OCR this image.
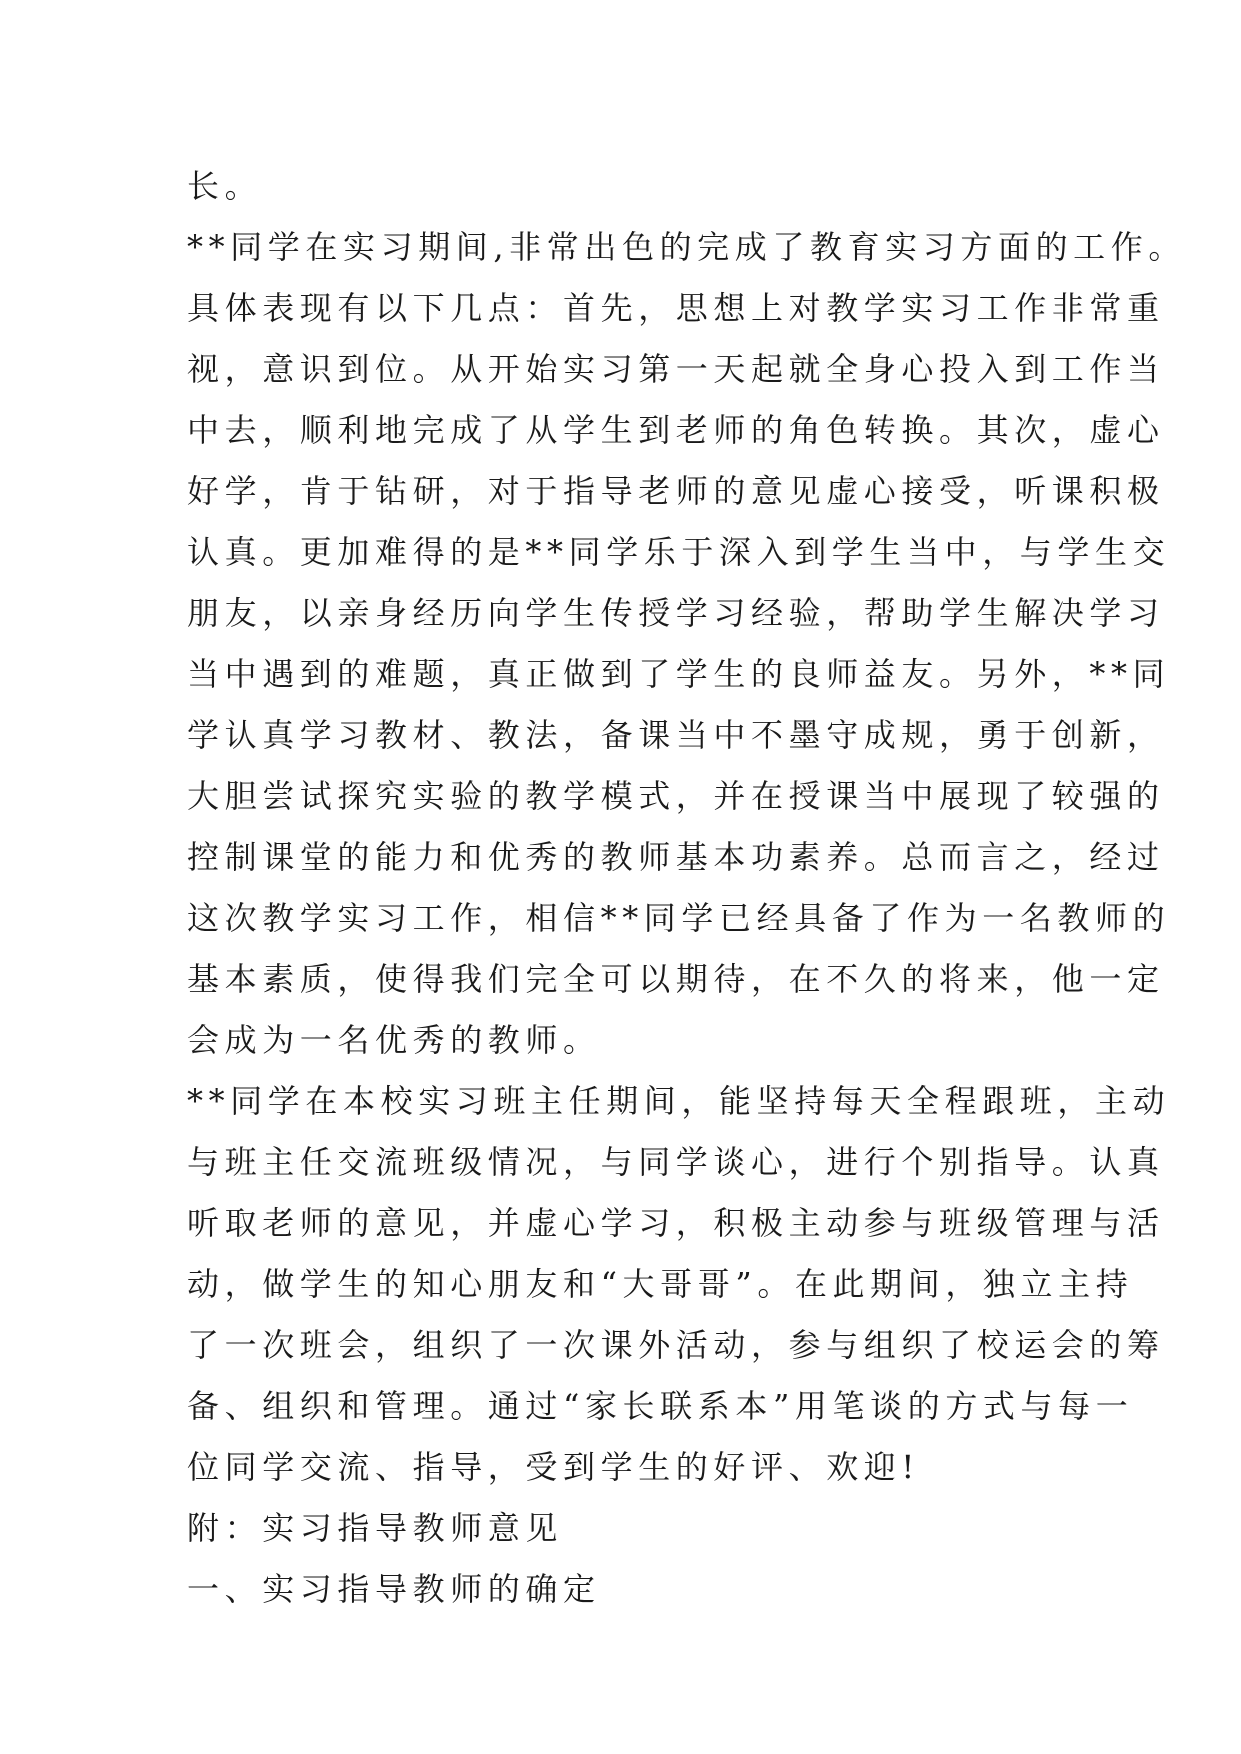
长。
**同学在实习期间,非常出色的完成了教育实习方面的工作。
具体表现有以下几点：首先，思想上对教学实习工作非常重
视，意识到位。从开始实习第一天起就全身心投入到工作当
中去，顺利地完成了从学生到老师的角色转换。其次，虚心
好学，肯于钻研，对于指导老师的意见虚心接受，听课积极
认真。更加难得的是**同学乐于深入到学生当中，与学生交
朋友，以亲身经历向学生传授学习经验，帮助学生解决学习
当中遇到的难题，真正做到了学生的良师益友。另外，**同
学认真学习教材、教法，备课当中不墨守成规，勇于创新，
大胆尝试探究实验的教学模式，并在授课当中展现了较强的
控制课堂的能力和优秀的教师基本功素养。总而言之，经过
这次教学实习工作，相信**同学已经具备了作为一名教师的
基本素质，使得我们完全可以期待，在不久的将来，他一定
会成为一名优秀的教师。
**同学在本校实习班主任期间，能坚持每天全程跟班，主动
与班主任交流班级情况，与同学谈心，进行个别指导。认真
听取老师的意见，并虚心学习，积极主动参与班级管理与活
动，做学生的知心朋友和“大哥哥”。在此期间，独立主持
了一次班会，组织了一次课外活动，参与组织了校运会的筹
备、组织和管理。通过“家长联系本”用笔谈的方式与每一
位同学交流、指导，受到学生的好评、欢迎!
附：实习指导教师意见
一、实习指导教师的确定
